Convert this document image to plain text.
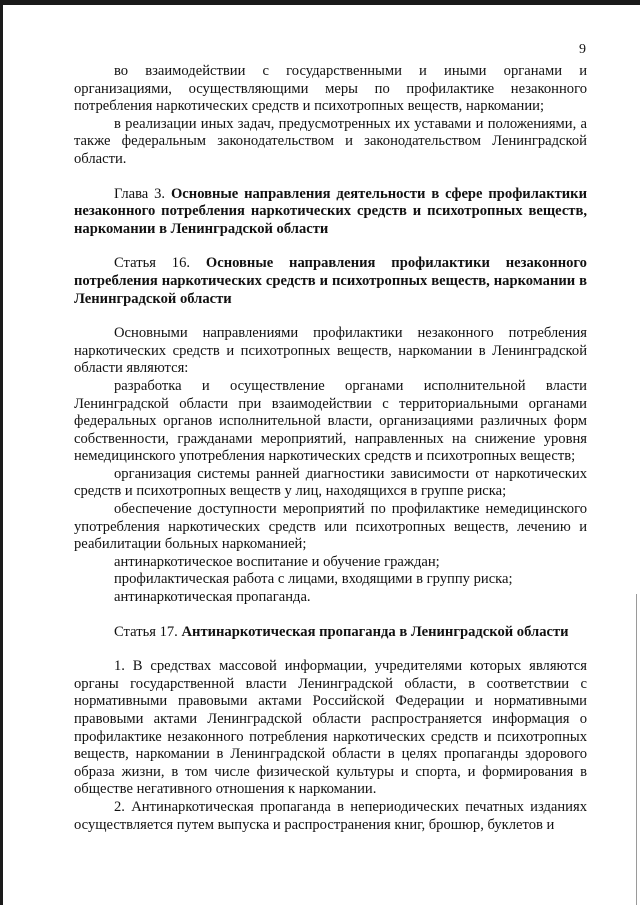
9

во взаимодействии с государственными и иными органами и организациями, осуществляющими меры по профилактике незаконного потребления наркотических средств и психотропных веществ, наркомании;

в реализации иных задач, предусмотренных их уставами и положениями, а также федеральным законодательством и законодательством Ленинградской области.

Глава 3. Основные направления деятельности в сфере профилактики незаконного потребления наркотических средств и психотропных веществ, наркомании в Ленинградской области

Статья 16. Основные направления профилактики незаконного потребления наркотических средств и психотропных веществ, наркомании в Ленинградской области

Основными направлениями профилактики незаконного потребления наркотических средств и психотропных веществ, наркомании в Ленинградской области являются:

разработка и осуществление органами исполнительной власти Ленинградской области при взаимодействии с территориальными органами федеральных органов исполнительной власти, организациями различных форм собственности, гражданами мероприятий, направленных на снижение уровня немедицинского употребления наркотических средств и психотропных веществ;

организация системы ранней диагностики зависимости от наркотических средств и психотропных веществ у лиц, находящихся в группе риска;

обеспечение доступности мероприятий по профилактике немедицинского употребления наркотических средств или психотропных веществ, лечению и реабилитации больных наркоманией;

антинаркотическое воспитание и обучение граждан;

профилактическая работа с лицами, входящими в группу риска;

антинаркотическая пропаганда.

Статья 17. Антинаркотическая пропаганда в Ленинградской области

1. В средствах массовой информации, учредителями которых являются органы государственной власти Ленинградской области, в соответствии с нормативными правовыми актами Российской Федерации и нормативными правовыми актами Ленинградской области распространяется информация о профилактике незаконного потребления наркотических средств и психотропных веществ, наркомании в Ленинградской области в целях пропаганды здорового образа жизни, в том числе физической культуры и спорта, и формирования в обществе негативного отношения к наркомании.

2. Антинаркотическая пропаганда в непериодических печатных изданиях осуществляется путем выпуска и распространения книг, брошюр, буклетов и
